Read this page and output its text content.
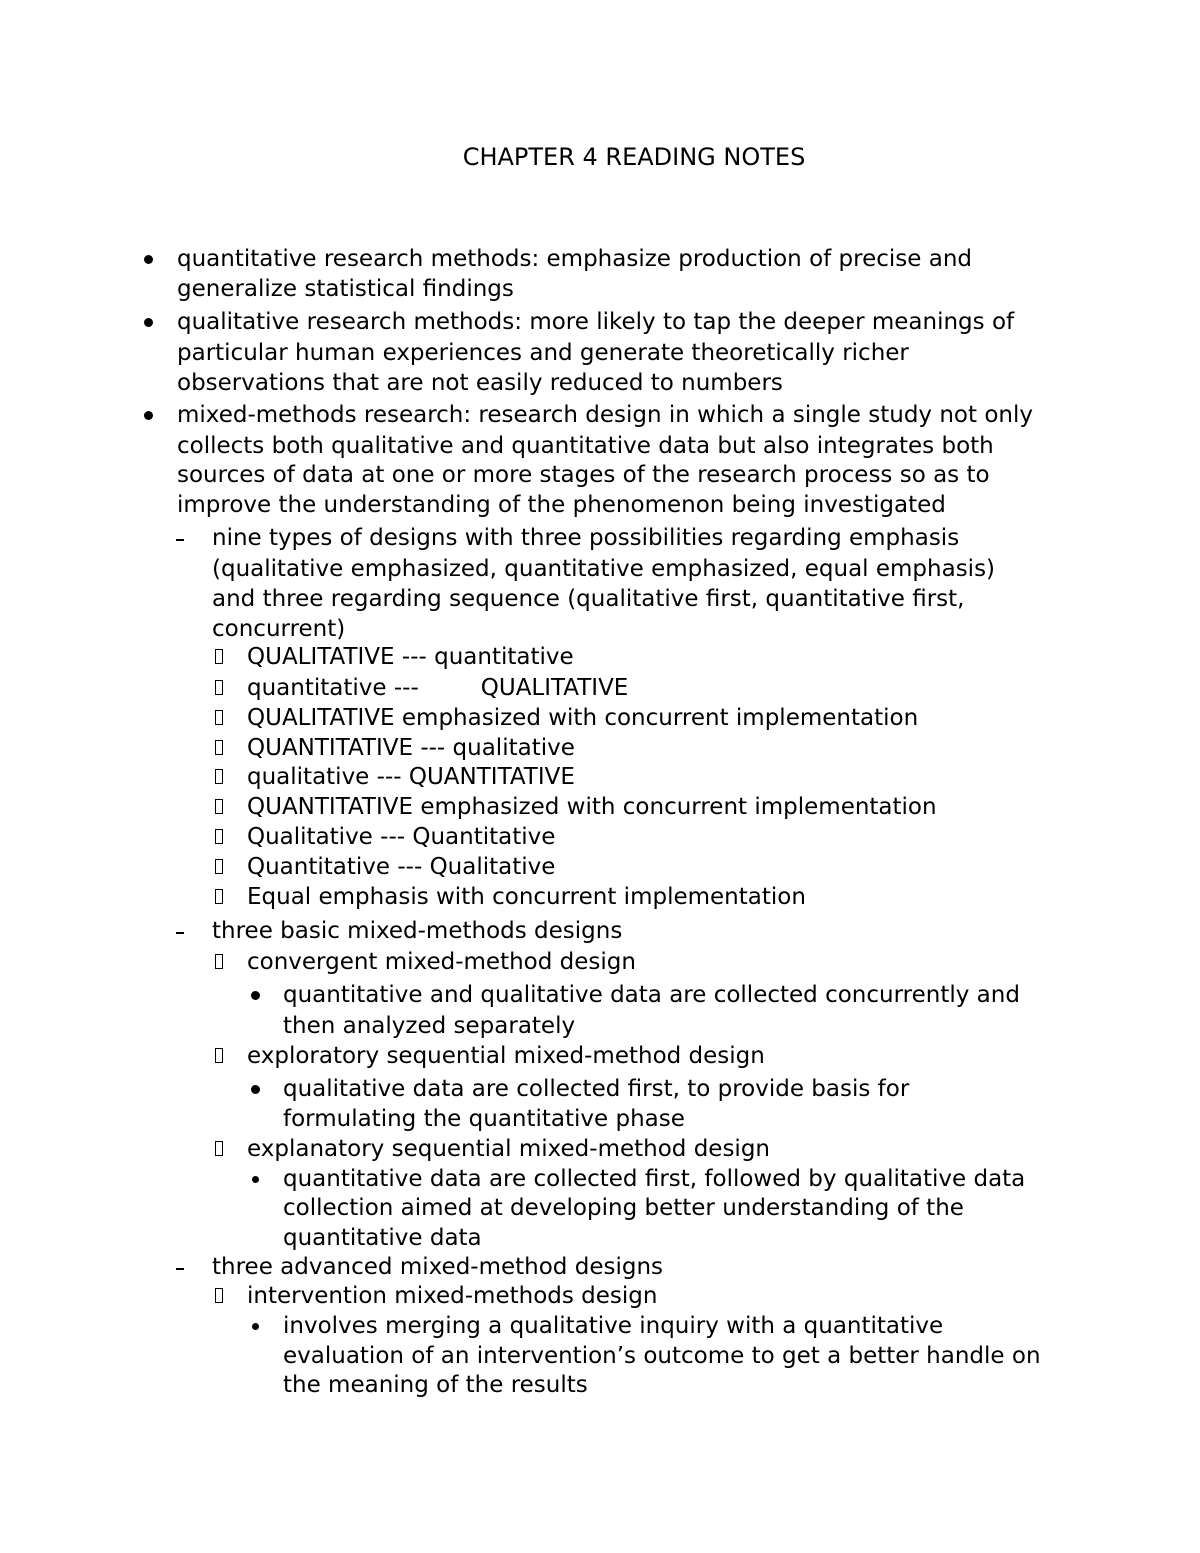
CHAPTER 4 READING NOTES
quantitative research methods: emphasize production of precise and
generalize statistical findings
qualitative research methods: more likely to tap the deeper meanings of
particular human experiences and generate theoretically richer
observations that are not easily reduced to numbers
mixed-methods research: research design in which a single study not only
collects both qualitative and quantitative data but also integrates both
sources of data at one or more stages of the research process so as to
improve the understanding of the phenomenon being investigated
nine types of designs with three possibilities regarding emphasis
(qualitative emphasized, quantitative emphasized, equal emphasis)
and three regarding sequence (qualitative first, quantitative first,
concurrent)
QUALITATIVE --- quantitative
quantitative ---	QUALITATIVE
QUALITATIVE emphasized with concurrent implementation
QUANTITATIVE --- qualitative
qualitative --- QUANTITATIVE
QUANTITATIVE emphasized with concurrent implementation
Qualitative --- Quantitative
Quantitative --- Qualitative
Equal emphasis with concurrent implementation
three basic mixed-methods designs
convergent mixed-method design
quantitative and qualitative data are collected concurrently and
then analyzed separately
exploratory sequential mixed-method design
qualitative data are collected first, to provide basis for
formulating the quantitative phase
explanatory sequential mixed-method design
quantitative data are collected first, followed by qualitative data
collection aimed at developing better understanding of the
quantitative data
three advanced mixed-method designs
intervention mixed-methods design
involves merging a qualitative inquiry with a quantitative
evaluation of an intervention’s outcome to get a better handle on
the meaning of the results
